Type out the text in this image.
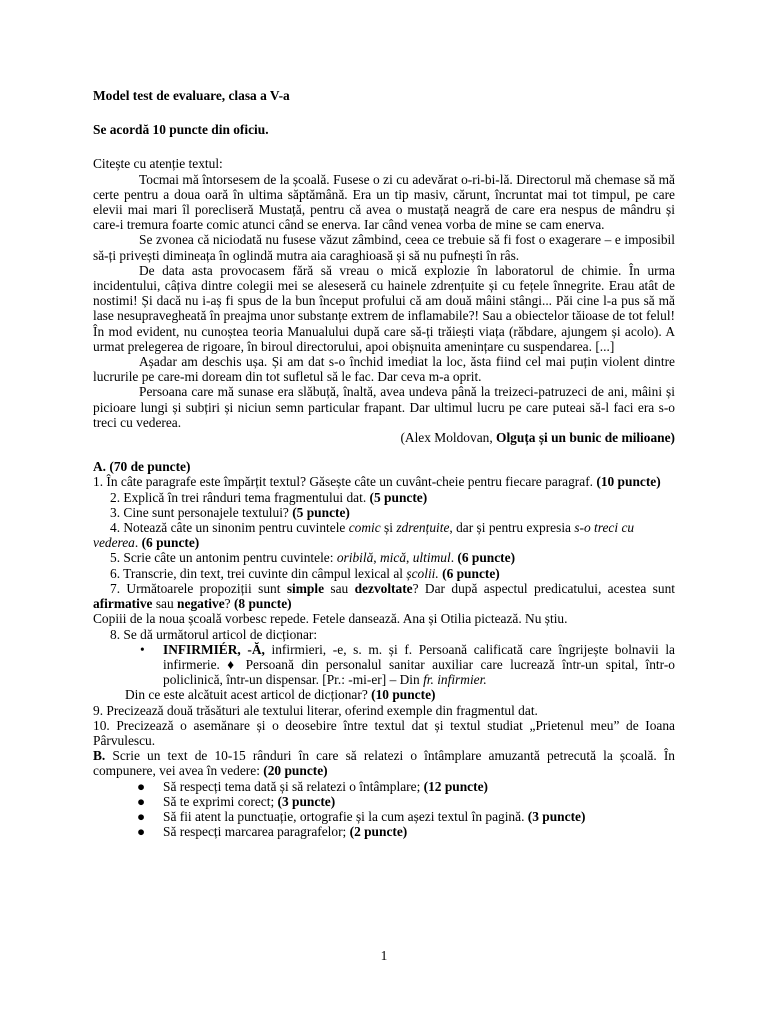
Model test de evaluare, clasa a V-a

Se acordă 10 puncte din oficiu.

Citește cu atenție textul:

Tocmai mă întorsesem de la școală. Fusese o zi cu adevărat o-ri-bi-lă. Directorul mă chemase să mă certe pentru a doua oară în ultima săptămână. Era un tip masiv, cărunt, încruntat mai tot timpul, pe care elevii mai mari îl porecliseră Mustață, pentru că avea o mustață neagră de care era nespus de mândru și care-i tremura foarte comic atunci când se enerva. Iar când venea vorba de mine se cam enerva.

Se zvonea că niciodată nu fusese văzut zâmbind, ceea ce trebuie să fi fost o exagerare – e imposibil să-ți privești dimineața în oglindă mutra aia caraghioasă și să nu pufnești în râs.

De data asta provocasem fără să vreau o mică explozie în laboratorul de chimie. În urma incidentului, câțiva dintre colegii mei se aleseseră cu hainele zdrențuite și cu fețele înnegrite. Erau atât de nostimi! Și dacă nu i-aș fi spus de la bun început profului că am două mâini stângi... Păi cine l-a pus să mă lase nesupravegheată în preajma unor substanțe extrem de inflamabile?! Sau a obiectelor tăioase de tot felul! În mod evident, nu cunoștea teoria Manualului după care să-ți trăiești viața (răbdare, ajungem și acolo). A urmat prelegerea de rigoare, în biroul directorului, apoi obișnuita amenințare cu suspendarea. [...]

Așadar am deschis ușa. Și am dat s-o închid imediat la loc, ăsta fiind cel mai puțin violent dintre lucrurile pe care-mi doream din tot sufletul să le fac. Dar ceva m-a oprit.

Persoana care mă sunase era slăbuță, înaltă, avea undeva până la treizeci-patruzeci de ani, mâini și picioare lungi și subțiri și niciun semn particular frapant. Dar ultimul lucru pe care puteai să-l faci era s-o treci cu vederea.

(Alex Moldovan, Olguța și un bunic de milioane)

A. (70 de puncte)

1. În câte paragrafe este împărțit textul? Găsește câte un cuvânt-cheie pentru fiecare paragraf. (10 puncte)

2. Explică în trei rânduri tema fragmentului dat. (5 puncte)

3. Cine sunt personajele textului? (5 puncte)

4. Notează câte un sinonim pentru cuvintele comic și zdrențuite, dar și pentru expresia s-o treci cu vederea. (6 puncte)

5. Scrie câte un antonim pentru cuvintele: oribilă, mică, ultimul. (6 puncte)

6. Transcrie, din text, trei cuvinte din câmpul lexical al școlii. (6 puncte)

7. Următoarele propoziții sunt simple sau dezvoltate? Dar după aspectul predicatului, acestea sunt afirmative sau negative? (8 puncte)

Copiii de la noua școală vorbesc repede. Fetele dansează. Ana și Otilia pictează. Nu știu.

8. Se dă următorul articol de dicționar:

• INFIRMIÉR, -Ă, infirmieri, -e, s. m. și f. Persoană calificată care îngrijește bolnavii la infirmerie. ♦ Persoană din personalul sanitar auxiliar care lucrează într-un spital, într-o policlinică, într-un dispensar. [Pr.: -mi-er] – Din fr. infirmier.

Din ce este alcătuit acest articol de dicționar? (10 puncte)

9. Precizează două trăsături ale textului literar, oferind exemple din fragmentul dat.

10. Precizează o asemănare și o deosebire între textul dat și textul studiat „Prietenul meu” de Ioana Pârvulescu.

B. Scrie un text de 10-15 rânduri în care să relatezi o întâmplare amuzantă petrecută la școală. În compunere, vei avea în vedere: (20 puncte)

● Să respecți tema dată și să relatezi o întâmplare; (12 puncte)
● Să te exprimi corect; (3 puncte)
● Să fii atent la punctuație, ortografie și la cum așezi textul în pagină. (3 puncte)
● Să respecți marcarea paragrafelor; (2 puncte)
1
